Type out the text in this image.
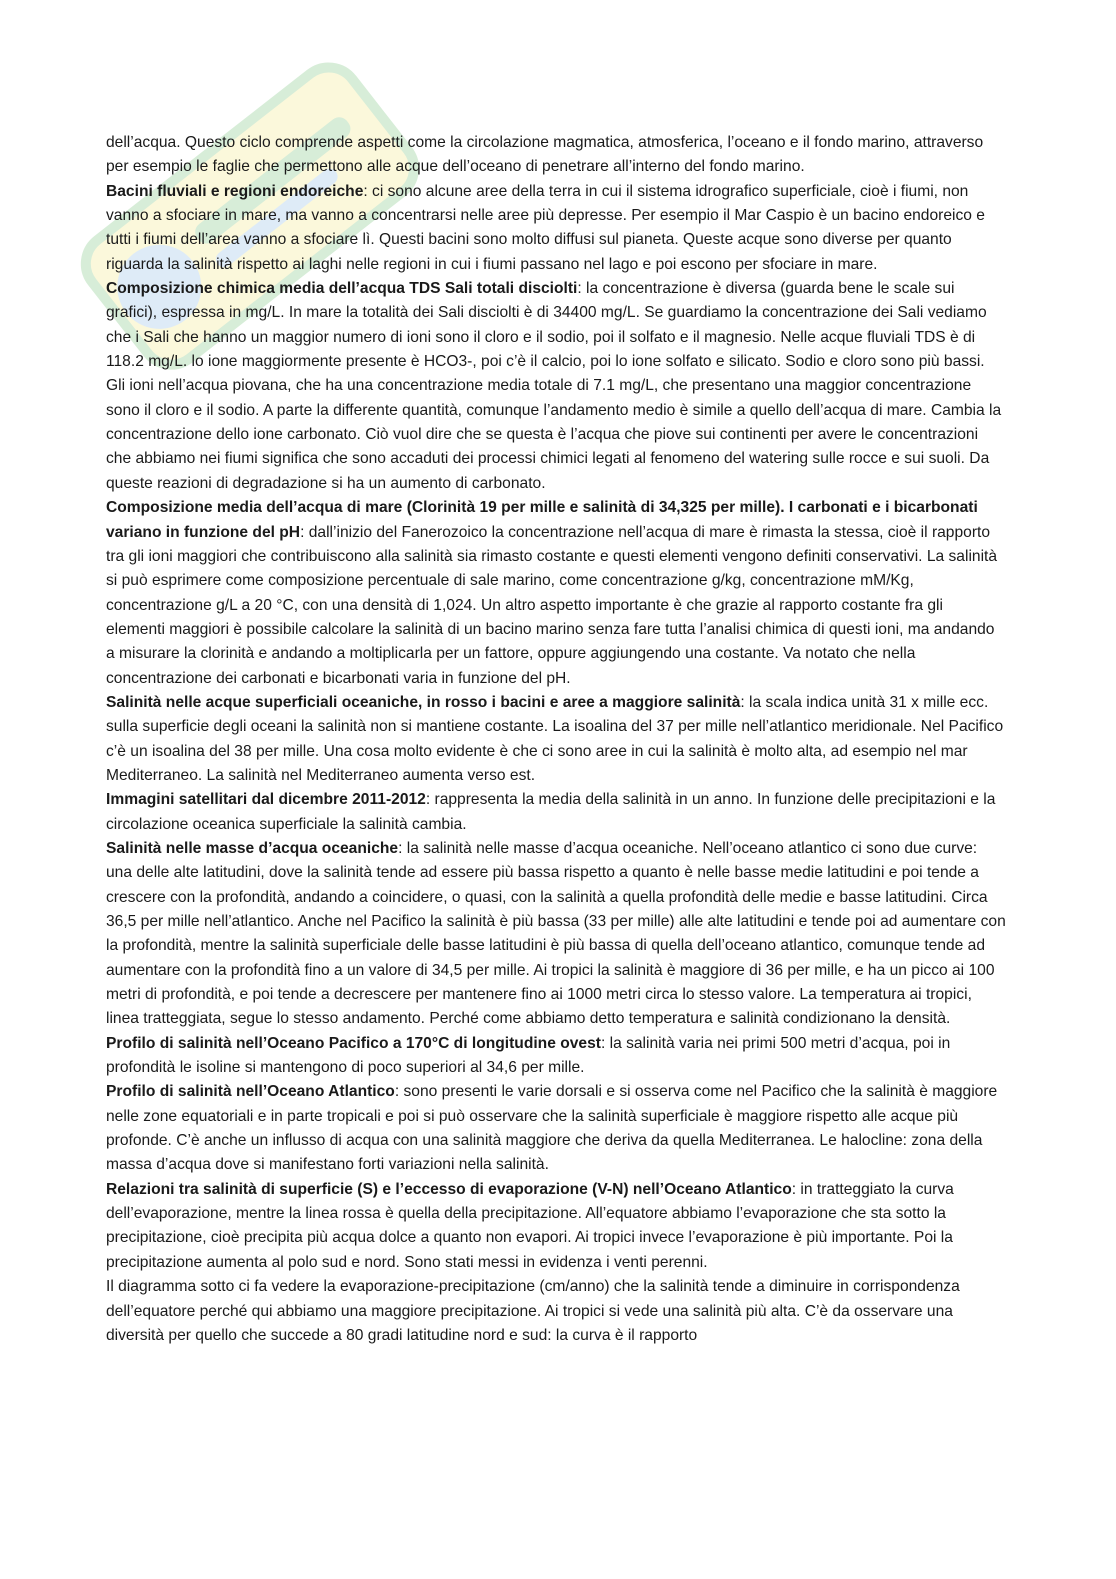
dell’acqua. Questo ciclo comprende aspetti come la circolazione magmatica, atmosferica, l’oceano e il fondo marino, attraverso per esempio le faglie che permettono alle acque dell’oceano di penetrare all’interno del fondo marino.

Bacini fluviali e regioni endoreiche: ci sono alcune aree della terra in cui il sistema idrografico superficiale, cioè i fiumi, non vanno a sfociare in mare, ma vanno a concentrarsi nelle aree più depresse. Per esempio il Mar Caspio è un bacino endoreico e tutti i fiumi dell’area vanno a sfociare lì. Questi bacini sono molto diffusi sul pianeta. Queste acque sono diverse per quanto riguarda la salinità rispetto ai laghi nelle regioni in cui i fiumi passano nel lago e poi escono per sfociare in mare.

Composizione chimica media dell’acqua TDS Sali totali disciolti: la concentrazione è diversa (guarda bene le scale sui grafici), espressa in mg/L. In mare la totalità dei Sali disciolti è di 34400 mg/L. Se guardiamo la concentrazione dei Sali vediamo che i Sali che hanno un maggior numero di ioni sono il cloro e il sodio, poi il solfato e il magnesio. Nelle acque fluviali TDS è di 118.2 mg/L. lo ione maggiormente presente è HCO3-, poi c’è il calcio, poi lo ione solfato e silicato. Sodio e cloro sono più bassi. Gli ioni nell’acqua piovana, che ha una concentrazione media totale di 7.1 mg/L, che presentano una maggior concentrazione sono il cloro e il sodio. A parte la differente quantità, comunque l’andamento medio è simile a quello dell’acqua di mare. Cambia la concentrazione dello ione carbonato. Ciò vuol dire che se questa è l’acqua che piove sui continenti per avere le concentrazioni che abbiamo nei fiumi significa che sono accaduti dei processi chimici legati al fenomeno del watering sulle rocce e sui suoli. Da queste reazioni di degradazione si ha un aumento di carbonato.

Composizione media dell’acqua di mare (Clorinità 19 per mille e salinità di 34,325 per mille). I carbonati e i bicarbonati variano in funzione del pH: dall’inizio del Fanerozoico la concentrazione nell’acqua di mare è rimasta la stessa, cioè il rapporto tra gli ioni maggiori che contribuiscono alla salinità sia rimasto costante e questi elementi vengono definiti conservativi. La salinità si può esprimere come composizione percentuale di sale marino, come concentrazione g/kg, concentrazione mM/Kg, concentrazione g/L a 20 °C, con una densità di 1,024. Un altro aspetto importante è che grazie al rapporto costante fra gli elementi maggiori è possibile calcolare la salinità di un bacino marino senza fare tutta l’analisi chimica di questi ioni, ma andando a misurare la clorinità e andando a moltiplicarla per un fattore, oppure aggiungendo una costante. Va notato che nella concentrazione dei carbonati e bicarbonati varia in funzione del pH.

Salinità nelle acque superficiali oceaniche, in rosso i bacini e aree a maggiore salinità: la scala indica unità 31 x mille ecc. sulla superficie degli oceani la salinità non si mantiene costante. La isoalina del 37 per mille nell’atlantico meridionale. Nel Pacifico c’è un isoalina del 38 per mille. Una cosa molto evidente è che ci sono aree in cui la salinità è molto alta, ad esempio nel mar Mediterraneo. La salinità nel Mediterraneo aumenta verso est.

Immagini satellitari dal dicembre 2011-2012: rappresenta la media della salinità in un anno. In funzione delle precipitazioni e la circolazione oceanica superficiale la salinità cambia.

Salinità nelle masse d’acqua oceaniche: la salinità nelle masse d’acqua oceaniche. Nell’oceano atlantico ci sono due curve: una delle alte latitudini, dove la salinità tende ad essere più bassa rispetto a quanto è nelle basse medie latitudini e poi tende a crescere con la profondità, andando a coincidere, o quasi, con la salinità a quella profondità delle medie e basse latitudini. Circa 36,5 per mille nell’atlantico. Anche nel Pacifico la salinità è più bassa (33 per mille) alle alte latitudini e tende poi ad aumentare con la profondità, mentre la salinità superficiale delle basse latitudini è più bassa di quella dell’oceano atlantico, comunque tende ad aumentare con la profondità fino a un valore di 34,5 per mille. Ai tropici la salinità è maggiore di 36 per mille, e ha un picco ai 100 metri di profondità, e poi tende a decrescere per mantenere fino ai 1000 metri circa lo stesso valore. La temperatura ai tropici, linea tratteggiata, segue lo stesso andamento. Perché come abbiamo detto temperatura e salinità condizionano la densità.

Profilo di salinità nell’Oceano Pacifico a 170°C di longitudine ovest: la salinità varia nei primi 500 metri d’acqua, poi in profondità le isoline si mantengono di poco superiori al 34,6 per mille.

Profilo di salinità nell’Oceano Atlantico: sono presenti le varie dorsali e si osserva come nel Pacifico che la salinità è maggiore nelle zone equatoriali e in parte tropicali e poi si può osservare che la salinità superficiale è maggiore rispetto alle acque più profonde. C’è anche un influsso di acqua con una salinità maggiore che deriva da quella Mediterranea. Le halocline: zona della massa d’acqua dove si manifestano forti variazioni nella salinità.

Relazioni tra salinità di superficie (S) e l’eccesso di evaporazione (V-N) nell’Oceano Atlantico: in tratteggiato la curva dell’evaporazione, mentre la linea rossa è quella della precipitazione. All’equatore abbiamo l’evaporazione che sta sotto la precipitazione, cioè precipita più acqua dolce a quanto non evapori. Ai tropici invece l’evaporazione è più importante. Poi la precipitazione aumenta al polo sud e nord. Sono stati messi in evidenza i venti perenni.

Il diagramma sotto ci fa vedere la evaporazione-precipitazione (cm/anno) che la salinità tende a diminuire in corrispondenza dell’equatore perché qui abbiamo una maggiore precipitazione. Ai tropici si vede una salinità più alta. C’è da osservare una diversità per quello che succede a 80 gradi latitudine nord e sud: la curva è il rapporto
